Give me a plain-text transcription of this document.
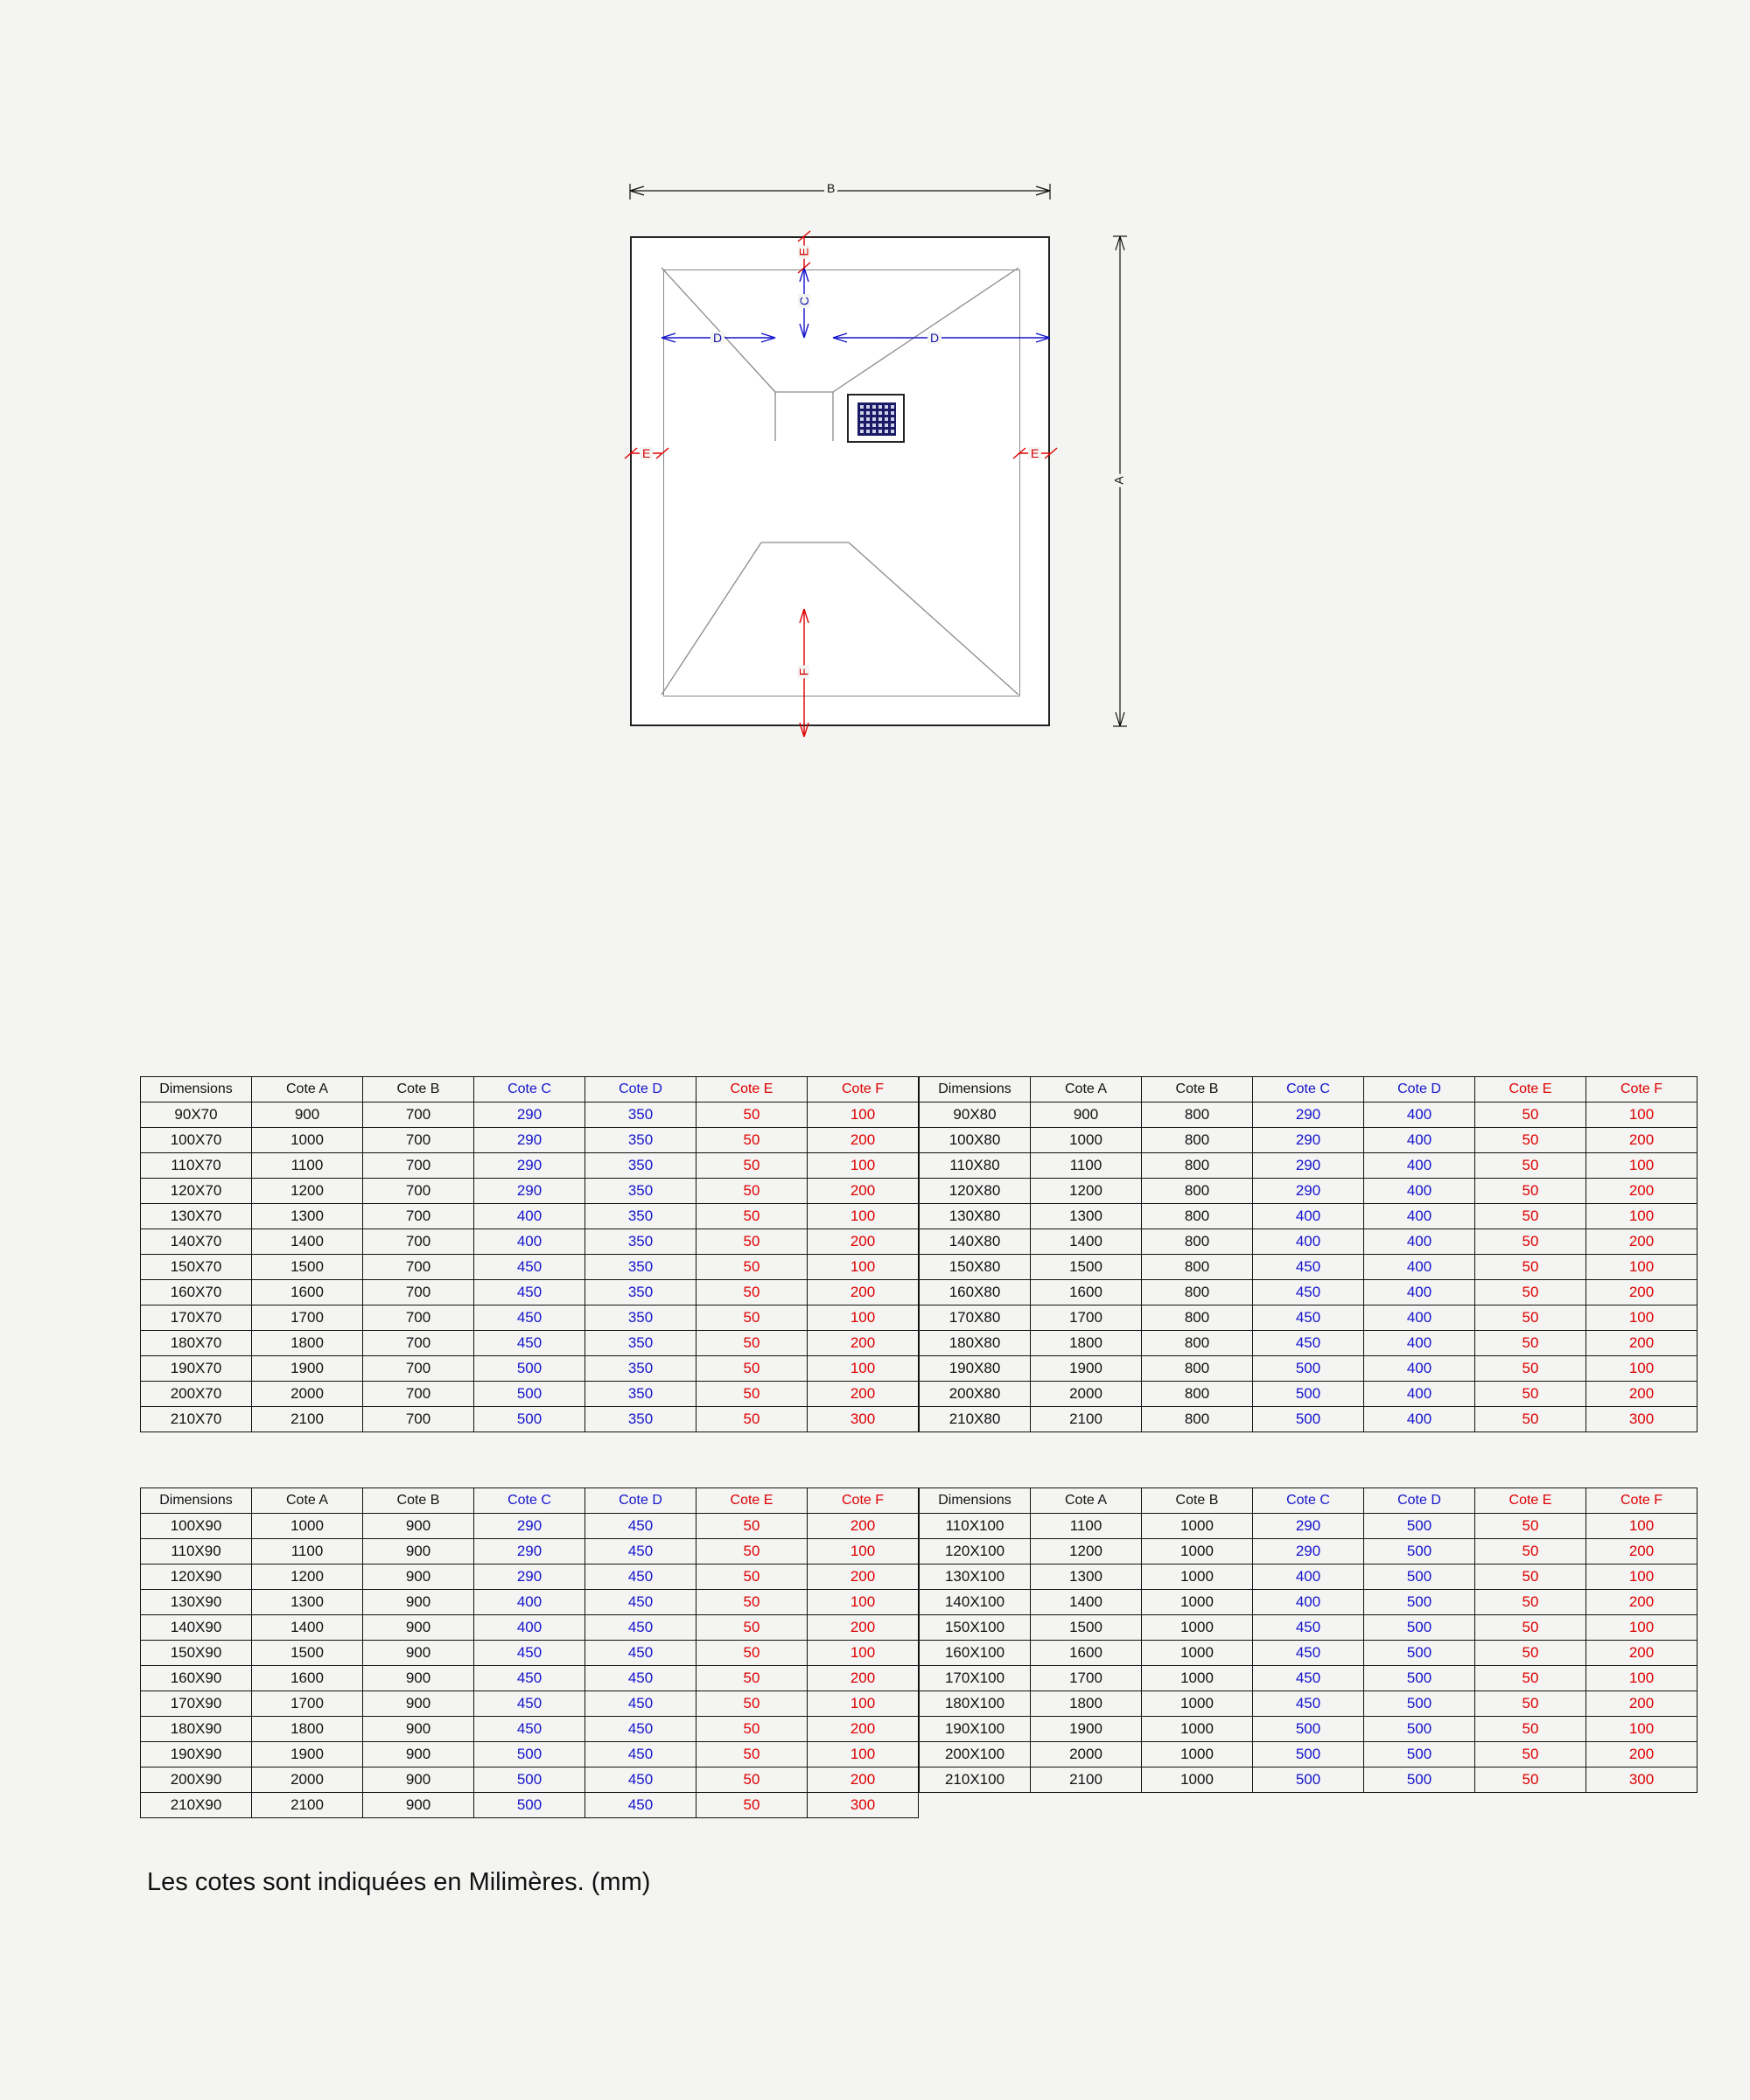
B
A
C
D	D
E
E	E
F
Dimensions	Cote A	Cote B	Cote C	Cote D	Cote E	Cote F
90X70	900	700	290	350	50	100
100X70	1000	700	290	350	50	200
110X70	1100	700	290	350	50	100
120X70	1200	700	290	350	50	200
130X70	1300	700	400	350	50	100
140X70	1400	700	400	350	50	200
150X70	1500	700	450	350	50	100
160X70	1600	700	450	350	50	200
170X70	1700	700	450	350	50	100
180X70	1800	700	450	350	50	200
190X70	1900	700	500	350	50	100
200X70	2000	700	500	350	50	200
210X70	2100	700	500	350	50	300
Dimensions	Cote A	Cote B	Cote C	Cote D	Cote E	Cote F
90X80	900	800	290	400	50	100
100X80	1000	800	290	400	50	200
110X80	1100	800	290	400	50	100
120X80	1200	800	290	400	50	200
130X80	1300	800	400	400	50	100
140X80	1400	800	400	400	50	200
150X80	1500	800	450	400	50	100
160X80	1600	800	450	400	50	200
170X80	1700	800	450	400	50	100
180X80	1800	800	450	400	50	200
190X80	1900	800	500	400	50	100
200X80	2000	800	500	400	50	200
210X80	2100	800	500	400	50	300
Dimensions	Cote A	Cote B	Cote C	Cote D	Cote E	Cote F
100X90	1000	900	290	450	50	200
110X90	1100	900	290	450	50	100
120X90	1200	900	290	450	50	200
130X90	1300	900	400	450	50	100
140X90	1400	900	400	450	50	200
150X90	1500	900	450	450	50	100
160X90	1600	900	450	450	50	200
170X90	1700	900	450	450	50	100
180X90	1800	900	450	450	50	200
190X90	1900	900	500	450	50	100
200X90	2000	900	500	450	50	200
210X90	2100	900	500	450	50	300
Dimensions	Cote A	Cote B	Cote C	Cote D	Cote E	Cote F
110X100	1100	1000	290	500	50	100
120X100	1200	1000	290	500	50	200
130X100	1300	1000	400	500	50	100
140X100	1400	1000	400	500	50	200
150X100	1500	1000	450	500	50	100
160X100	1600	1000	450	500	50	200
170X100	1700	1000	450	500	50	100
180X100	1800	1000	450	500	50	200
190X100	1900	1000	500	500	50	100
200X100	2000	1000	500	500	50	200
210X100	2100	1000	500	500	50	300
Les cotes sont indiquées en Milimères. (mm)
